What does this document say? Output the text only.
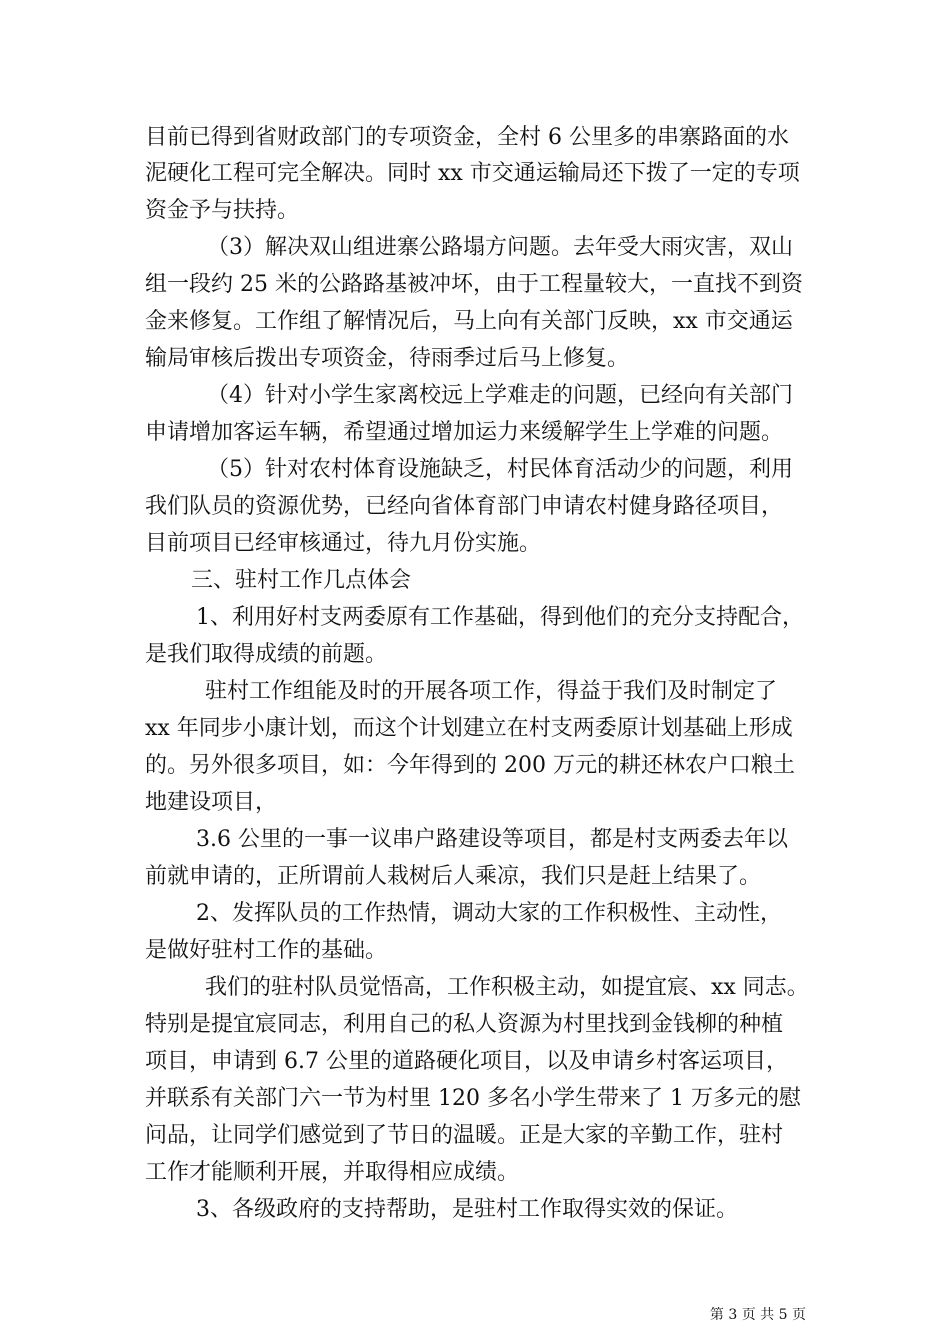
目前已得到省财政部门的专项资金，全村 6 公里多的串寨路面的水
泥硬化工程可完全解决。同时 xx 市交通运输局还下拨了一定的专项
资金予与扶持。
（3）解决双山组进寨公路塌方问题。去年受大雨灾害，双山
组一段约 25 米的公路路基被冲坏，由于工程量较大，一直找不到资
金来修复。工作组了解情况后，马上向有关部门反映，xx 市交通运
输局审核后拨出专项资金，待雨季过后马上修复。
（4）针对小学生家离校远上学难走的问题，已经向有关部门
申请增加客运车辆，希望通过增加运力来缓解学生上学难的问题。
（5）针对农村体育设施缺乏，村民体育活动少的问题，利用
我们队员的资源优势，已经向省体育部门申请农村健身路径项目，
目前项目已经审核通过，待九月份实施。
三、驻村工作几点体会
1、利用好村支两委原有工作基础，得到他们的充分支持配合，
是我们取得成绩的前题。
驻村工作组能及时的开展各项工作，得益于我们及时制定了
xx 年同步小康计划，而这个计划建立在村支两委原计划基础上形成
的。另外很多项目，如：今年得到的 200 万元的耕还林农户口粮土
地建设项目，
3.6 公里的一事一议串户路建设等项目，都是村支两委去年以
前就申请的，正所谓前人栽树后人乘凉，我们只是赶上结果了。
2、发挥队员的工作热情，调动大家的工作积极性、主动性，
是做好驻村工作的基础。
我们的驻村队员觉悟高，工作积极主动，如提宜宸、xx 同志。
特别是提宜宸同志，利用自己的私人资源为村里找到金钱柳的种植
项目，申请到 6.7 公里的道路硬化项目，以及申请乡村客运项目，
并联系有关部门六一节为村里 120 多名小学生带来了 1 万多元的慰
问品，让同学们感觉到了节日的温暖。正是大家的辛勤工作，驻村
工作才能顺利开展，并取得相应成绩。
3、各级政府的支持帮助，是驻村工作取得实效的保证。
第 3 页 共 5 页
